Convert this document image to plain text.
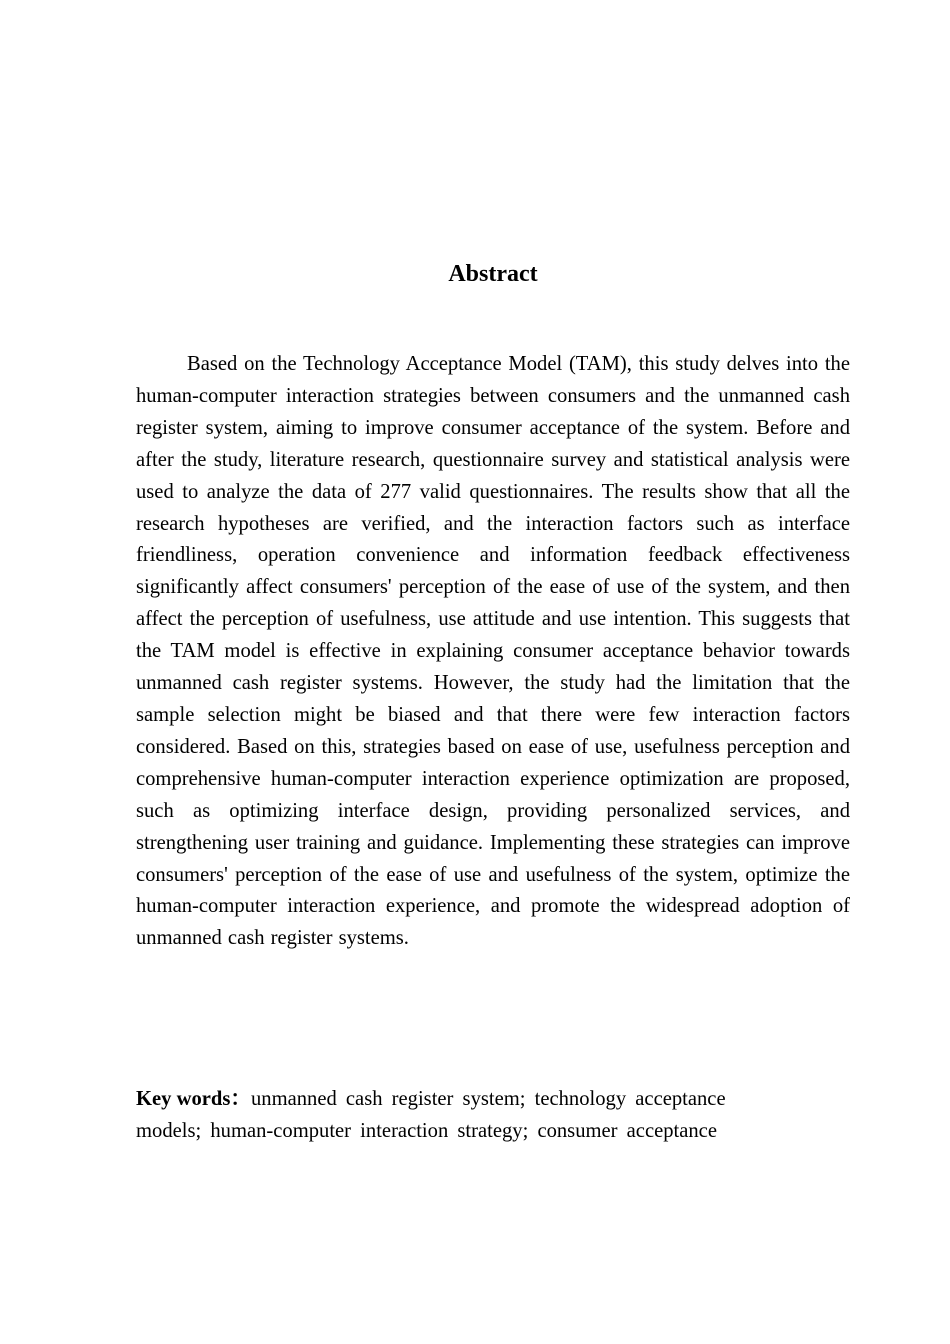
Abstract

Based on the Technology Acceptance Model (TAM), this study delves into the human-computer interaction strategies between consumers and the unmanned cash register system, aiming to improve consumer acceptance of the system. Before and after the study, literature research, questionnaire survey and statistical analysis were used to analyze the data of 277 valid questionnaires. The results show that all the research hypotheses are verified, and the interaction factors such as interface friendliness, operation convenience and information feedback effectiveness significantly affect consumers' perception of the ease of use of the system, and then affect the perception of usefulness, use attitude and use intention. This suggests that the TAM model is effective in explaining consumer acceptance behavior towards unmanned cash register systems. However, the study had the limitation that the sample selection might be biased and that there were few interaction factors considered. Based on this, strategies based on ease of use, usefulness perception and comprehensive human-computer interaction experience optimization are proposed, such as optimizing interface design, providing personalized services, and strengthening user training and guidance. Implementing these strategies can improve consumers' perception of the ease of use and usefulness of the system, optimize the human-computer interaction experience, and promote the widespread adoption of unmanned cash register systems.

Key words：unmanned cash register system; technology acceptance models; human-computer interaction strategy; consumer acceptance
